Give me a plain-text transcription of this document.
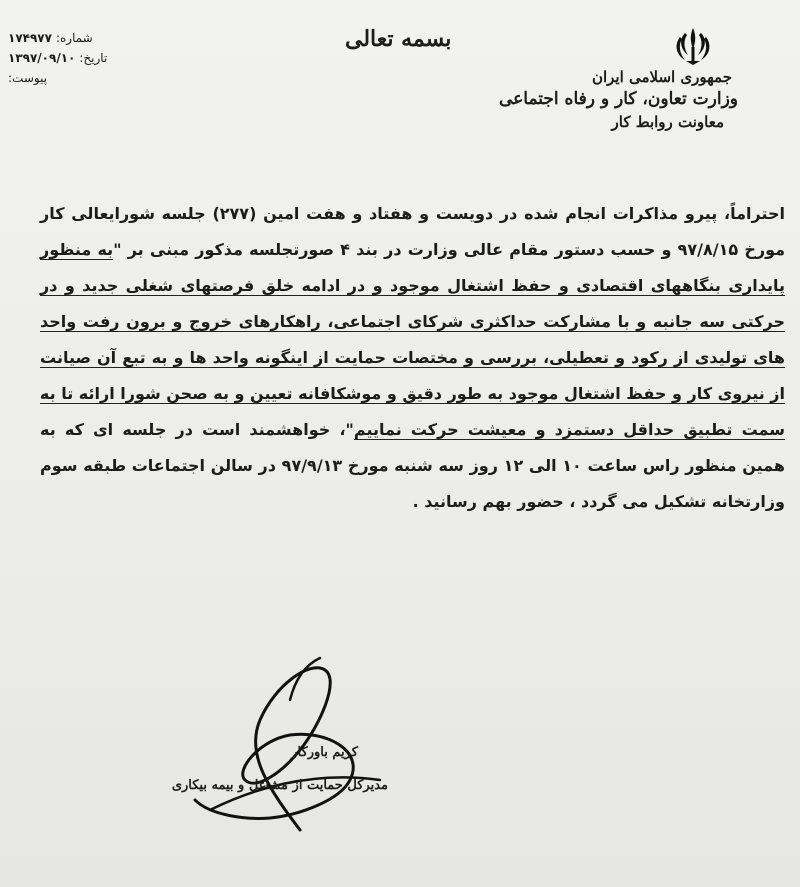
شماره:
۱۷۴۹۷۷
تاریخ:
۱۳۹۷/۰۹/۱۰
پیوست:
بسمه تعالی
جمهوری اسلامی ایران
وزارت تعاون، کار و رفاه اجتماعی
معاونت روابط کار
احتراماً، پیرو مذاکرات انجام شده در دویست و هفتاد و هفت امین (۲۷۷) جلسه شورایعالی کار
مورخ ۹۷/۸/۱۵ و حسب دستور مقام عالی وزارت در بند ۴ صورتجلسه مذکور مبنی بر "به منظور
پایداری بنگاههای اقتصادی و حفظ اشتغال موجود و در ادامه خلق فرصتهای شغلی جدید و در
حرکتی سه جانبه و با مشارکت حداکثری شرکای اجتماعی، راهکارهای خروج و برون رفت واحد
های تولیدی از رکود و تعطیلی، بررسی و مختصات حمایت از اینگونه واحد ها و به تبع آن صیانت
از نیروی کار و حفظ اشتغال موجود به طور دقیق و موشکافانه تعیین و به صحن شورا ارائه تا به
سمت تطبیق حداقل دستمزد و معیشت حرکت نماییم"، خواهشمند است در جلسه ای که به
همین منظور راس ساعت ۱۰ الی ۱۲ روز سه شنبه مورخ ۹۷/۹/۱۳ در سالن اجتماعات طبقه سوم
وزارتخانه تشکیل می گردد ، حضور بهم رسانید .
کریم باورکار
مدیرکل حمایت از مشاغل و بیمه بیکاری
